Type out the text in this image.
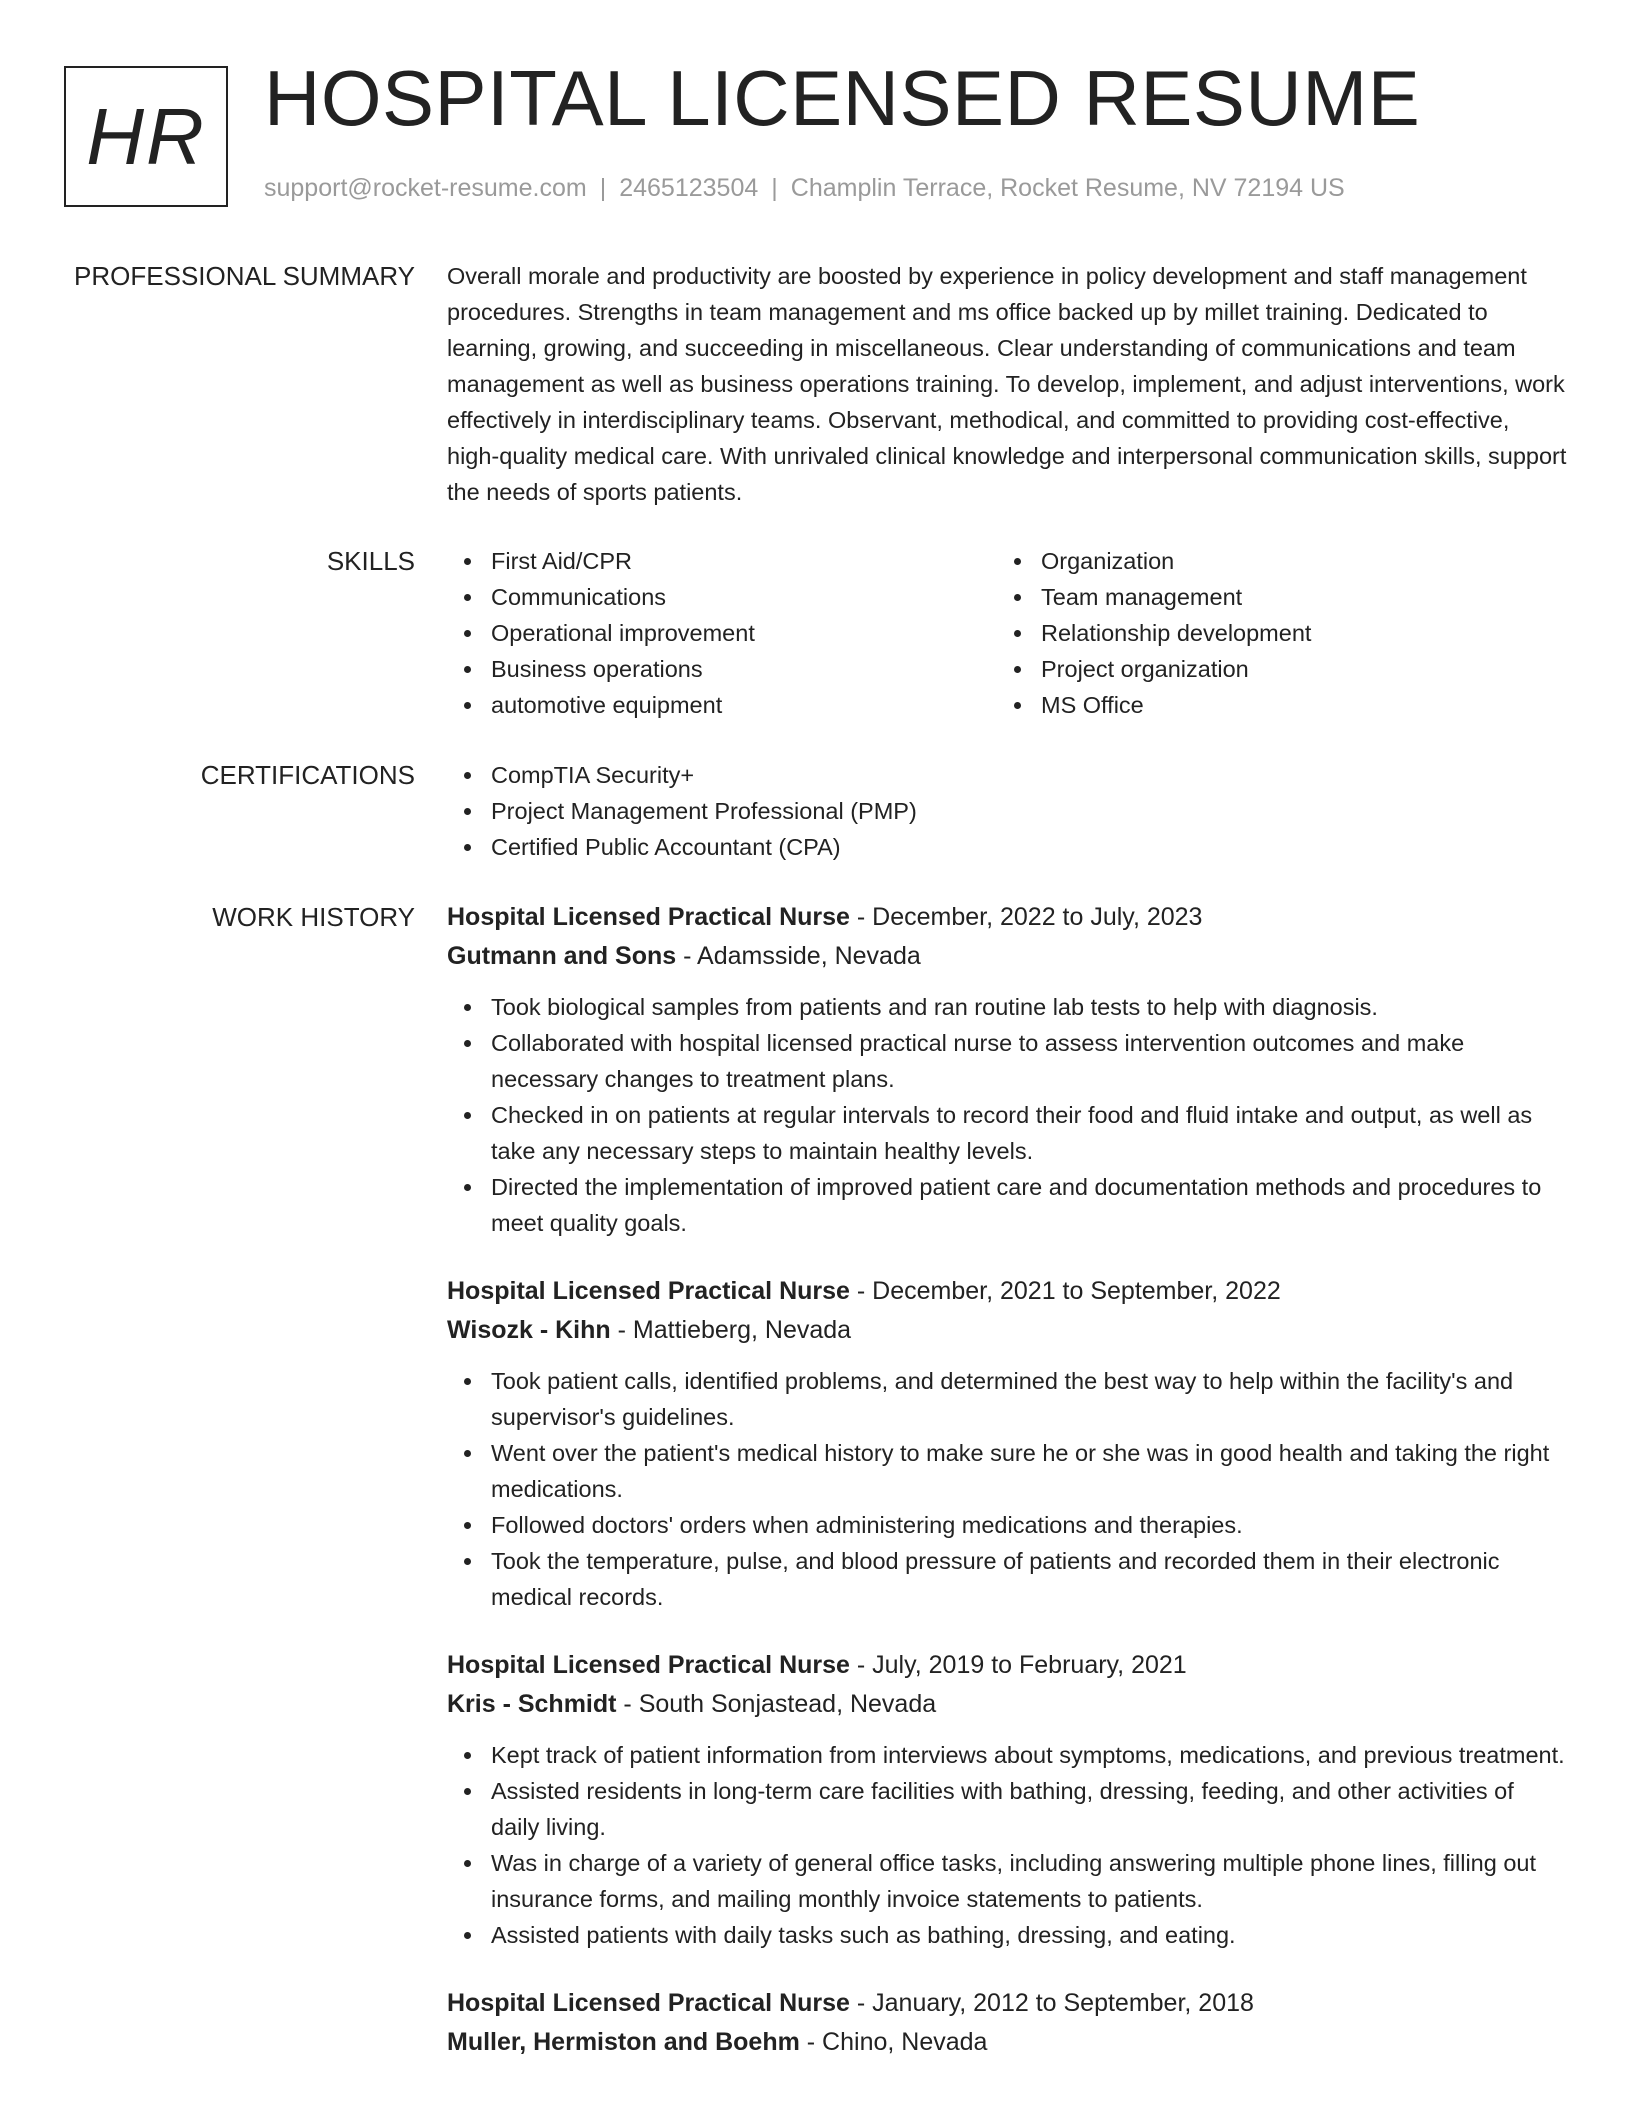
HR HOSPITAL LICENSED RESUME
support@rocket-resume.com | 2465123504 | Champlin Terrace, Rocket Resume, NV 72194 US
PROFESSIONAL SUMMARY Overall morale and productivity are boosted by experience in policy development and staff management procedures. Strengths in team management and ms office backed up by millet training. Dedicated to learning, growing, and succeeding in miscellaneous. Clear understanding of communications and team management as well as business operations training. To develop, implement, and adjust interventions, work effectively in interdisciplinary teams. Observant, methodical, and committed to providing cost-effective, high-quality medical care. With unrivaled clinical knowledge and interpersonal communication skills, support the needs of sports patients.

SKILLS	First Aid/CPR
Communications
Operational improvement
Business operations
automotive equipment
Organization
Team management
Relationship development
Project organization
MS Office
CERTIFICATIONS	CompTIA Security+
Project Management Professional (PMP)
Certified Public Accountant (CPA)
WORK HISTORY Hospital Licensed Practical Nurse - December, 2022 to July, 2023
Gutmann and Sons - Adamsside, Nevada
Took biological samples from patients and ran routine lab tests to help with diagnosis.
Collaborated with hospital licensed practical nurse to assess intervention outcomes and make necessary changes to treatment plans.
Checked in on patients at regular intervals to record their food and fluid intake and output, as well as take any necessary steps to maintain healthy levels.
Directed the implementation of improved patient care and documentation methods and procedures to meet quality goals.
Hospital Licensed Practical Nurse - December, 2021 to September, 2022
Wisozk - Kihn - Mattieberg, Nevada
Took patient calls, identified problems, and determined the best way to help within the facility's and supervisor's guidelines.
Went over the patient's medical history to make sure he or she was in good health and taking the right medications.
Followed doctors' orders when administering medications and therapies.
Took the temperature, pulse, and blood pressure of patients and recorded them in their electronic medical records.
Hospital Licensed Practical Nurse - July, 2019 to February, 2021
Kris - Schmidt - South Sonjastead, Nevada
Kept track of patient information from interviews about symptoms, medications, and previous treatment.
Assisted residents in long-term care facilities with bathing, dressing, feeding, and other activities of daily living.
Was in charge of a variety of general office tasks, including answering multiple phone lines, filling out insurance forms, and mailing monthly invoice statements to patients.
Assisted patients with daily tasks such as bathing, dressing, and eating.
Hospital Licensed Practical Nurse - January, 2012 to September, 2018
Muller, Hermiston and Boehm - Chino, Nevada
